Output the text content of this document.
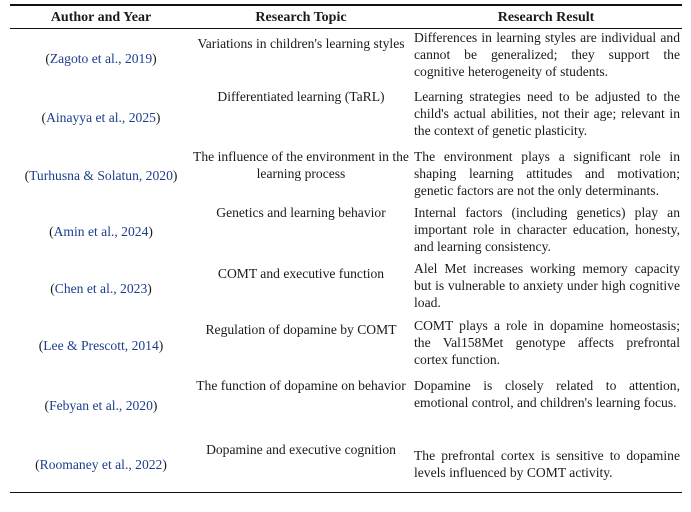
Author and Year	Research Topic	Research Result
(Zagoto et al., 2019)	Variations in children's learning styles	Differences in learning styles are individual and cannot be generalized; they support the cognitive heterogeneity of students.
(Ainayya et al., 2025)	Differentiated learning (TaRL)	Learning strategies need to be adjusted to the child's actual abilities, not their age; relevant in the context of genetic plasticity.
(Turhusna & Solatun, 2020)	The influence of the environment in the learning process	The environment plays a significant role in shaping learning attitudes and motivation; genetic factors are not the only determinants.
(Amin et al., 2024)	Genetics and learning behavior	Internal factors (including genetics) play an important role in character education, honesty, and learning consistency.
(Chen et al., 2023)	COMT and executive function	Alel Met increases working memory capacity but is vulnerable to anxiety under high cognitive load.
(Lee & Prescott, 2014)	Regulation of dopamine by COMT	COMT plays a role in dopamine homeostasis; the Val158Met genotype affects prefrontal cortex function.
(Febyan et al., 2020)	The function of dopamine on behavior	Dopamine is closely related to attention, emotional control, and children's learning focus.
(Roomaney et al., 2022)	Dopamine and executive cognition	The prefrontal cortex is sensitive to dopamine levels influenced by COMT activity.
